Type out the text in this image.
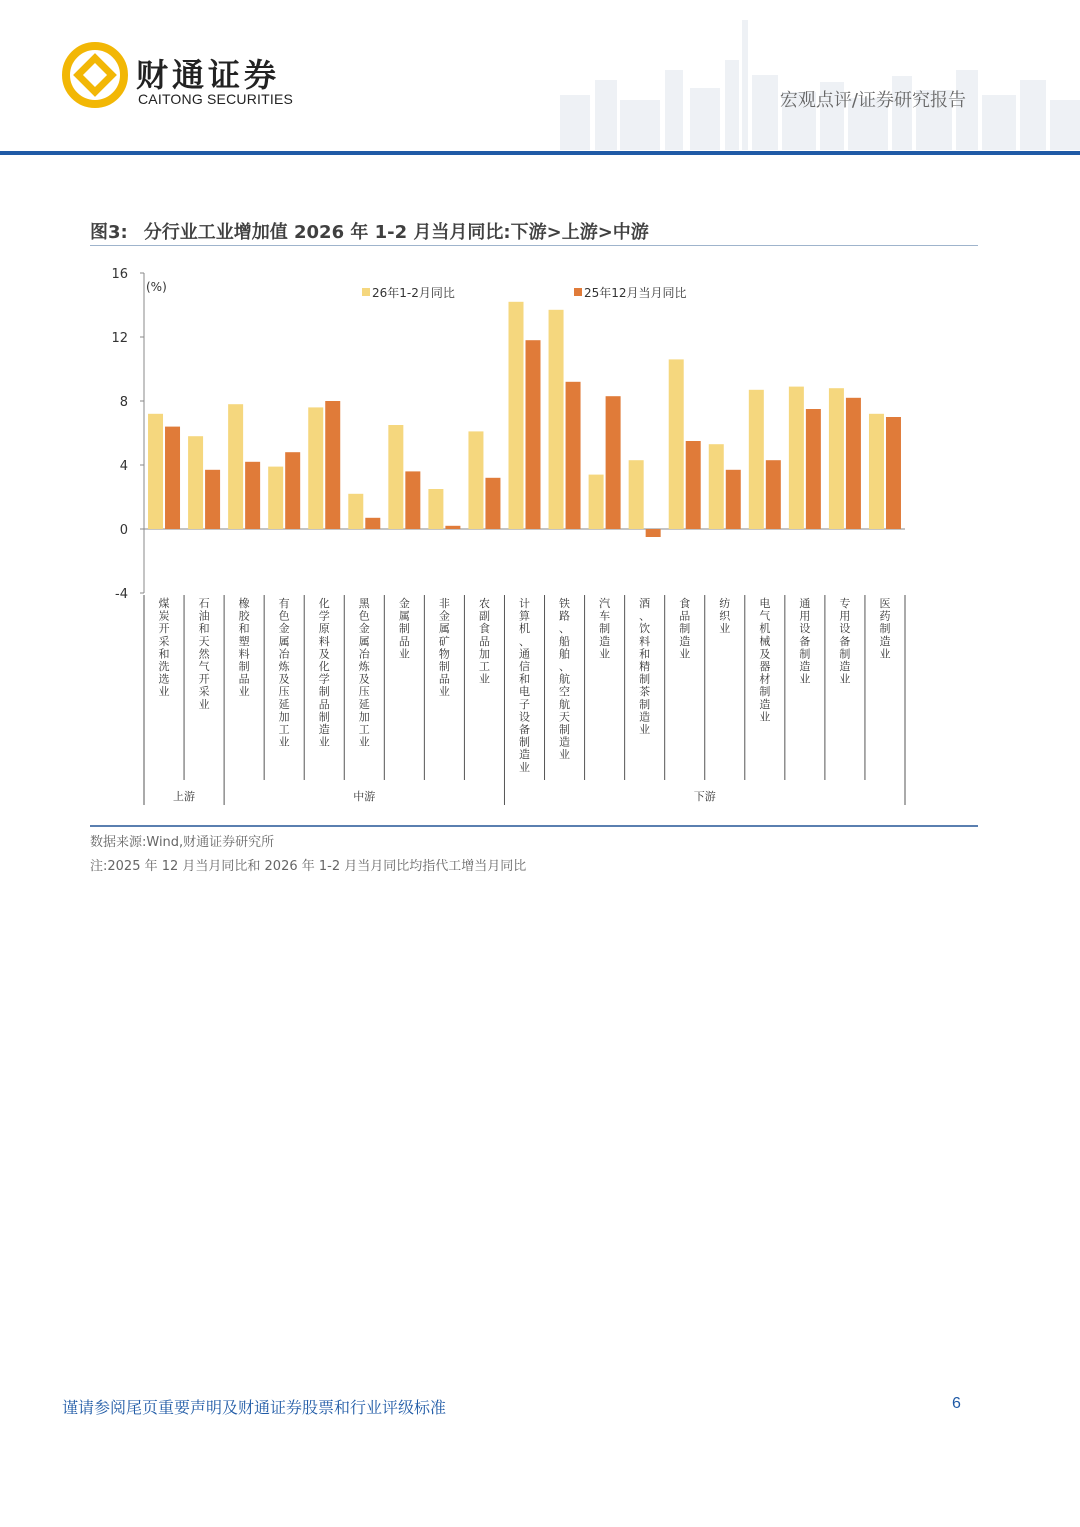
财通证券
CAITONG SECURITIES	宏观点评/证券研究报告
图3: 分行业工业增加值 2026 年 1-2 月当月同比:下游>上游>中游
16
12
8
4
0
-4
(%)
煤炭开采和洗选业
石油和天然气开采业
橡胶和塑料制品业
有色金属冶炼及压延加工业
化学原料及化学制品制造业
黑色金属冶炼及压延加工业
金属制品业
非金属矿物制品业
农副食品加工业
计算机、通信和电子设备制造业
铁路、船舶、航空航天制造业
汽车制造业
酒、饮料和精制茶制造业
食品制造业
纺织业
电气机械及器材制造业
通用设备制造业
专用设备制造业
医药制造业
上游	中游	下游
26年1-2月同比	25年12月当月同比
数据来源:Wind,财通证券研究所
注:2025 年 12 月当月同比和 2026 年 1-2 月当月同比均指代工增当月同比
谨请参阅尾页重要声明及财通证券股票和行业评级标准	6
